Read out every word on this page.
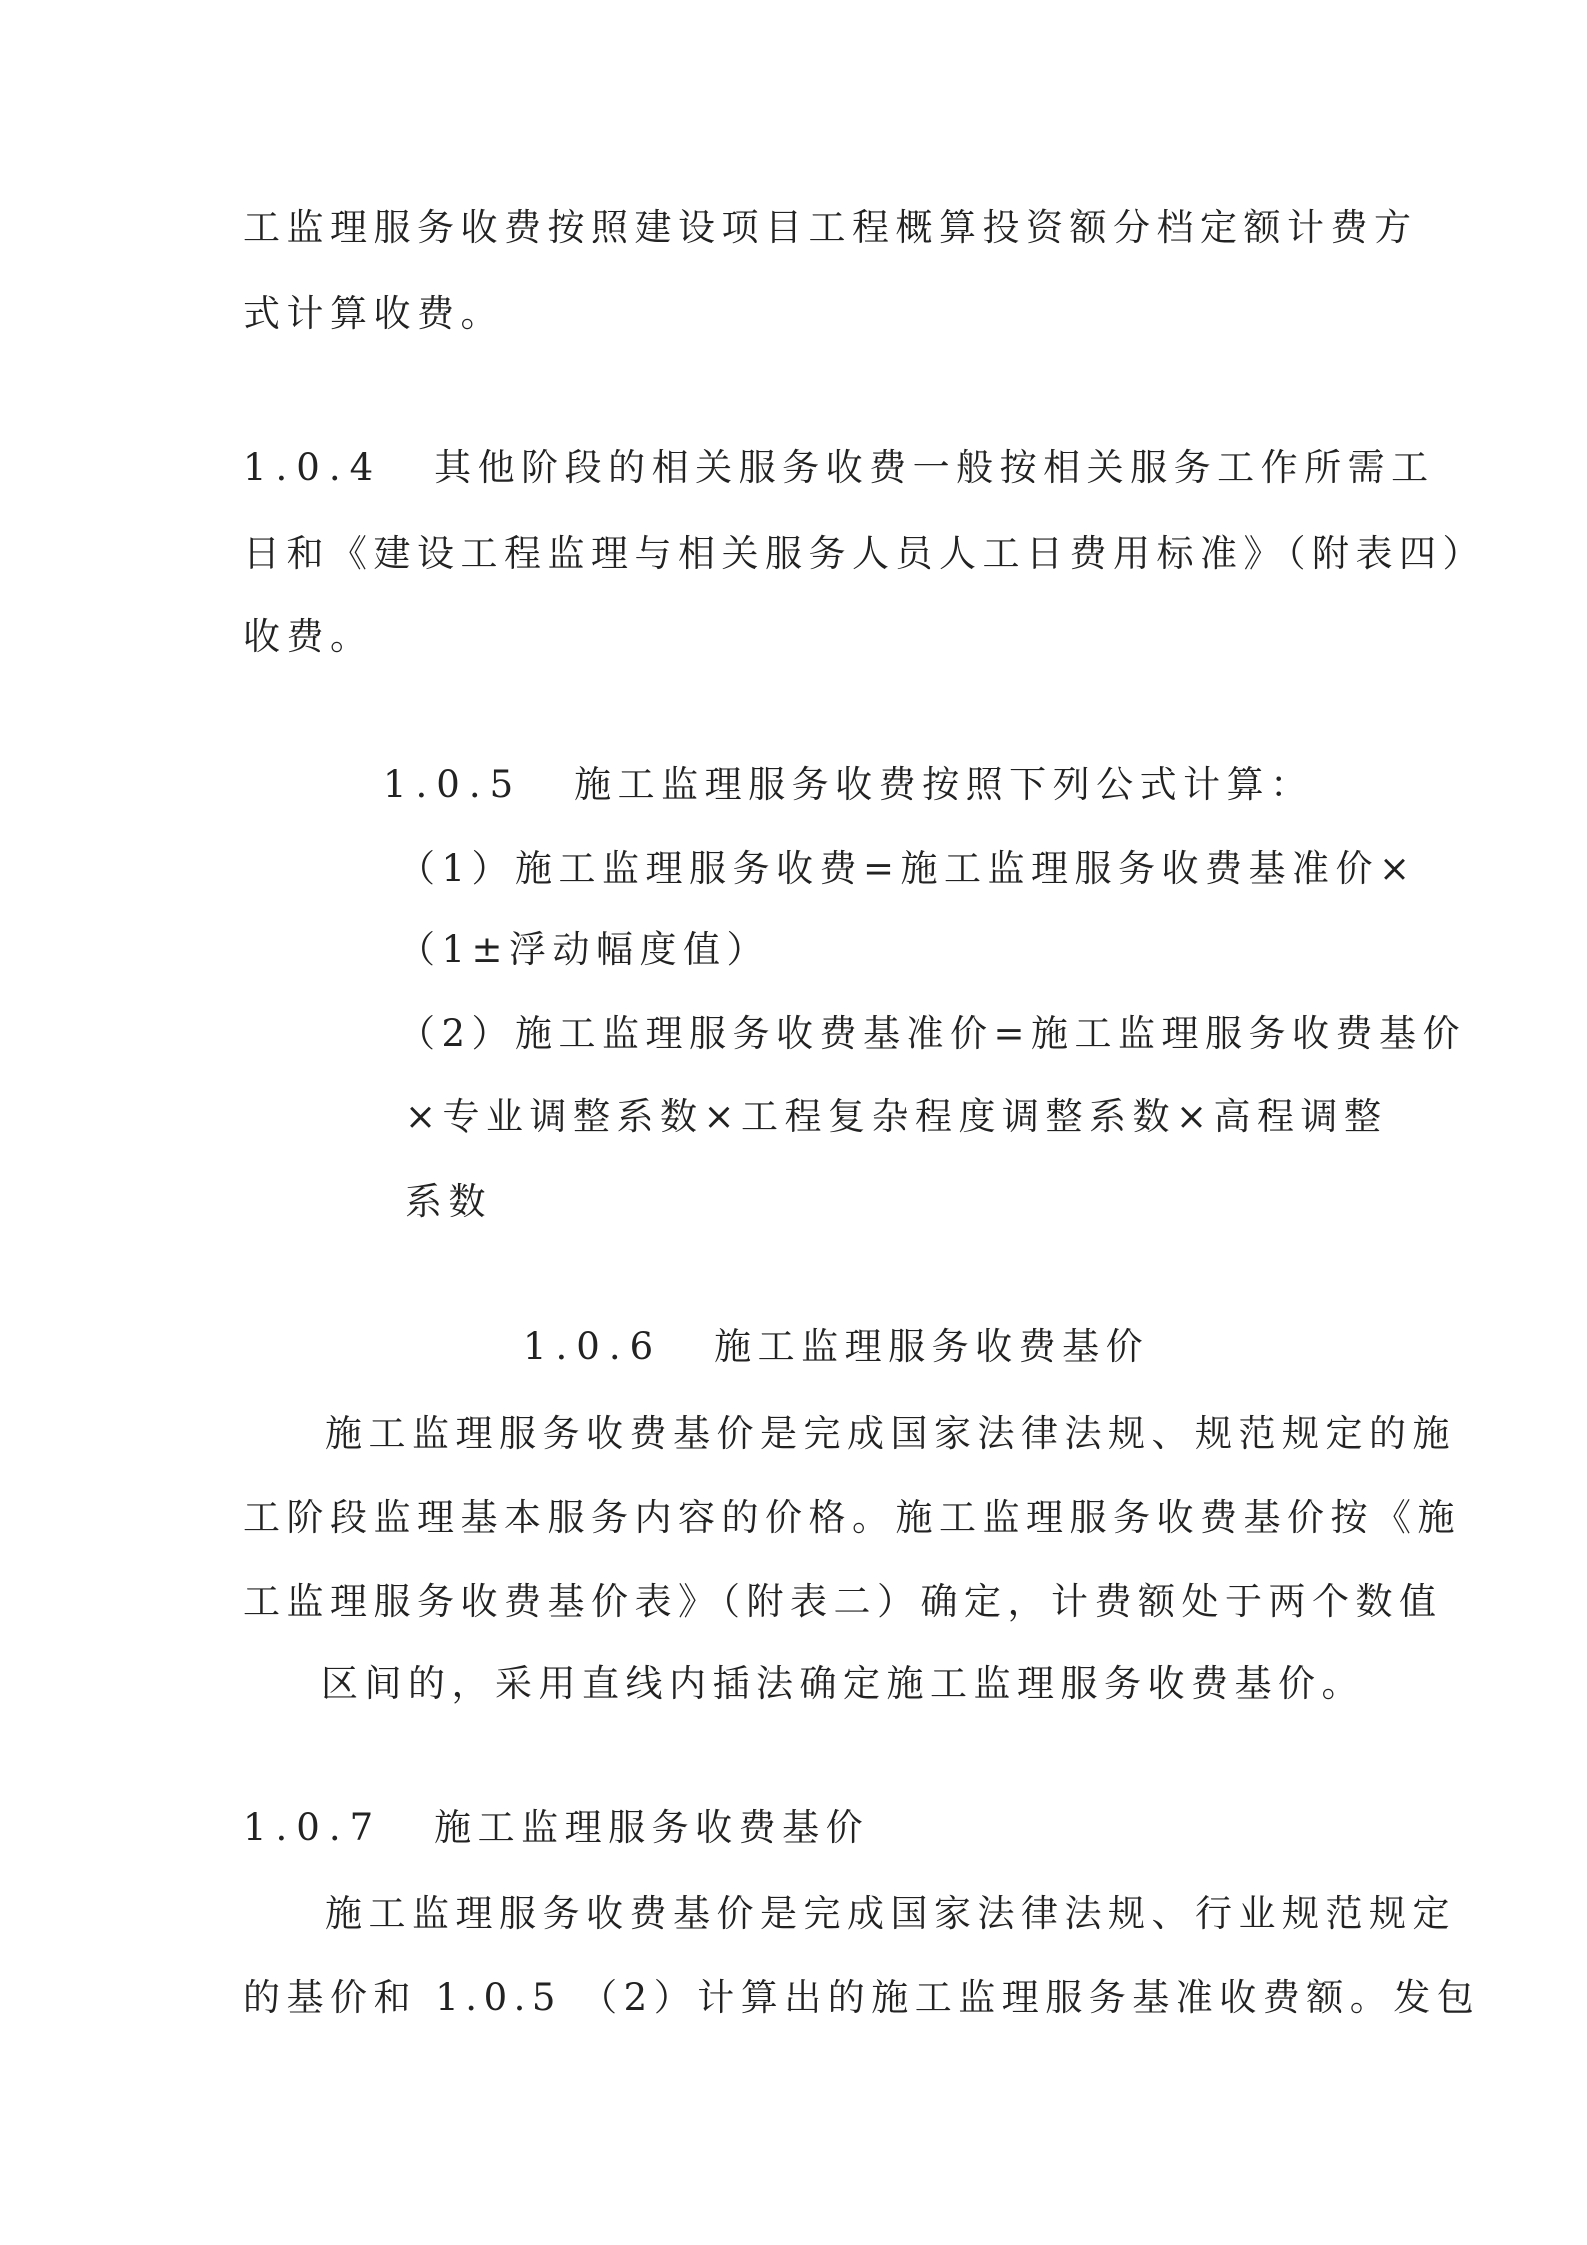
工监理服务收费按照建设项目工程概算投资额分档定额计费方
式计算收费。
1.0.4 其他阶段的相关服务收费一般按相关服务工作所需工
日和《建设工程监理与相关服务人员人工日费用标准》（附表四）
收费。
1.0.5 施工监理服务收费按照下列公式计算：
（1）施工监理服务收费=施工监理服务收费基准价×
（1±浮动幅度值）
（2）施工监理服务收费基准价=施工监理服务收费基价
×专业调整系数×工程复杂程度调整系数×高程调整
系数
1.0.6 施工监理服务收费基价
施工监理服务收费基价是完成国家法律法规、规范规定的施
工阶段监理基本服务内容的价格。施工监理服务收费基价按《施
工监理服务收费基价表》（附表二）确定，计费额处于两个数值
区间的，采用直线内插法确定施工监理服务收费基价。
1.0.7 施工监理服务收费基价
施工监理服务收费基价是完成国家法律法规、行业规范规定
的基价和 1.0.5 （2）计算出的施工监理服务基准收费额。发包
